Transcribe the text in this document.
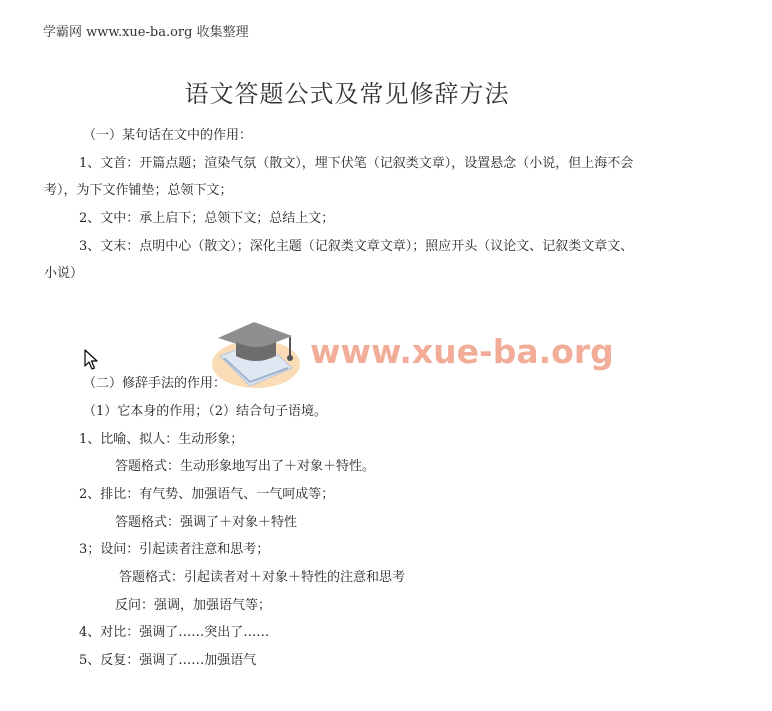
学霸网 www.xue-ba.org 收集整理
语文答题公式及常见修辞方法
（一）某句话在文中的作用：
1、文首：开篇点题；渲染气氛（散文），埋下伏笔（记叙类文章），设置悬念（小说，但上海不会
考），为下文作铺垫；总领下文；
2、文中：承上启下；总领下文；总结上文；
3、文末：点明中心（散文）；深化主题（记叙类文章文章）；照应开头（议论文、记叙类文章文、
小说）
www.xue-ba.org
（二）修辞手法的作用：
（1）它本身的作用；（2）结合句子语境。
1、比喻、拟人：生动形象；
答题格式：生动形象地写出了＋对象＋特性。
2、排比：有气势、加强语气、一气呵成等；
答题格式：强调了＋对象＋特性
3；设问：引起读者注意和思考；
答题格式：引起读者对＋对象＋特性的注意和思考
反问：强调，加强语气等；
4、对比：强调了……突出了……
5、反复：强调了……加强语气
